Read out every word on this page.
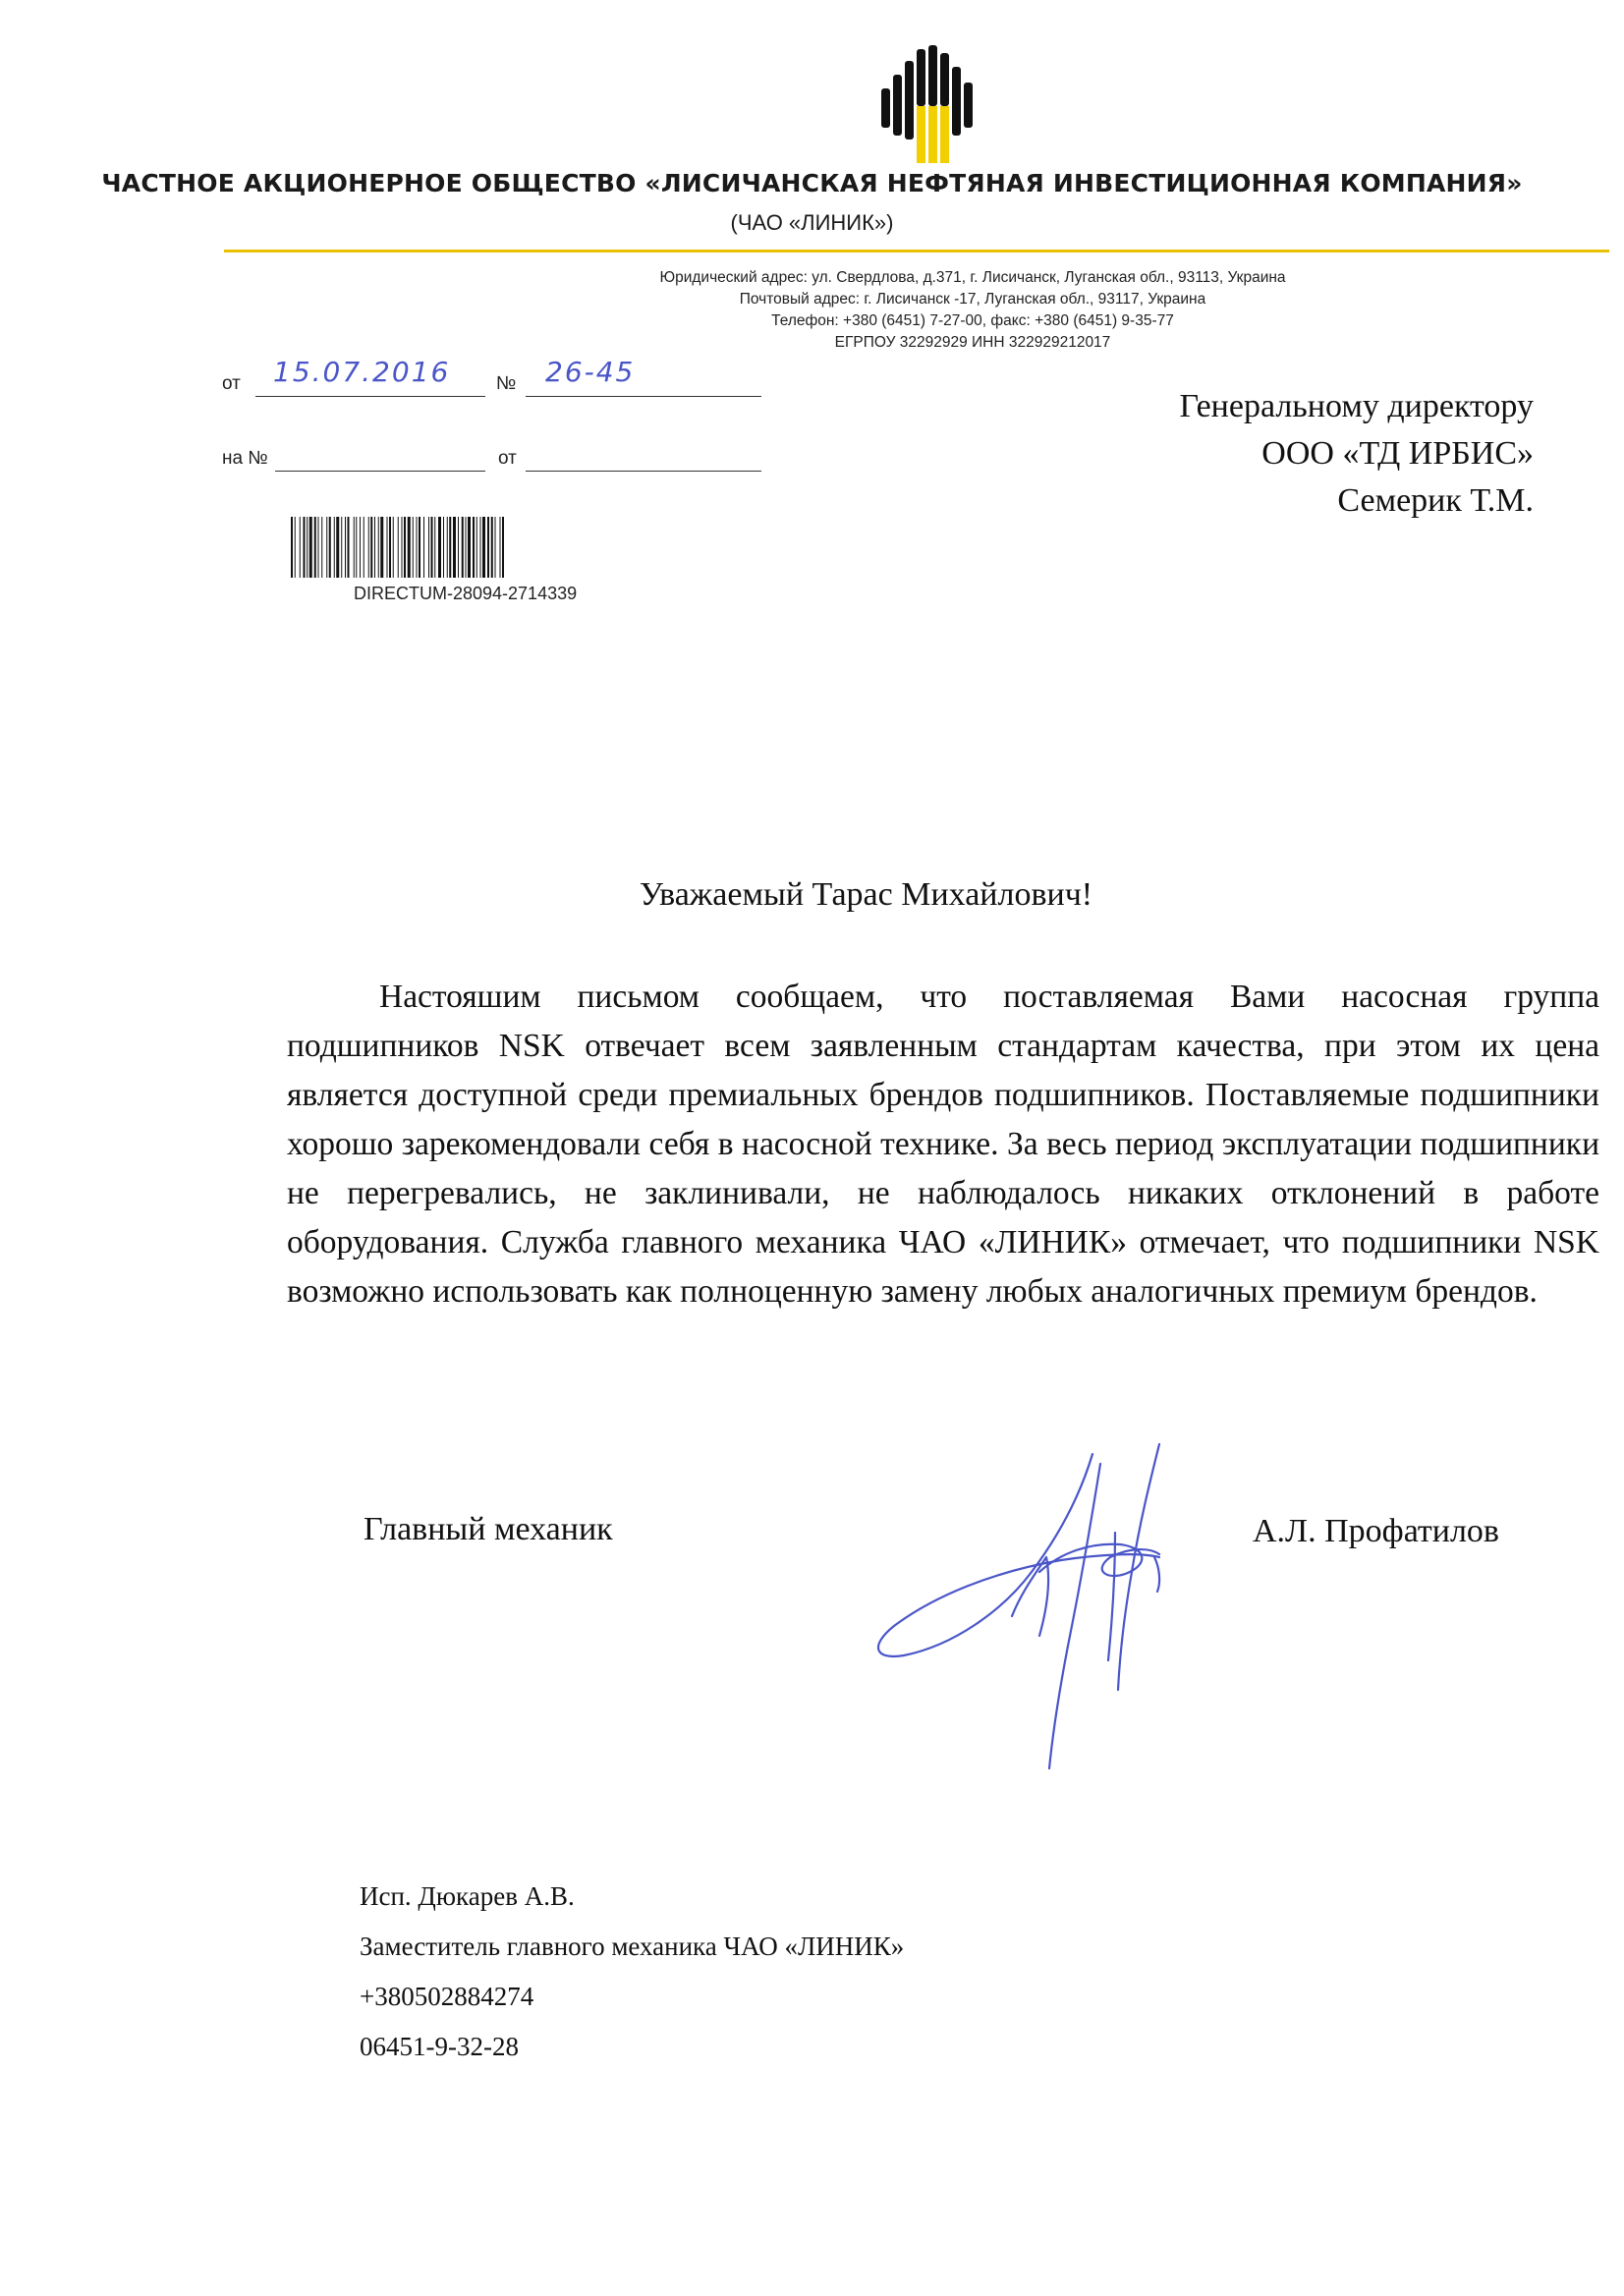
ЧАСТНОЕ АКЦИОНЕРНОЕ ОБЩЕСТВО «ЛИСИЧАНСКАЯ НЕФТЯНАЯ ИНВЕСТИЦИОННАЯ КОМПАНИЯ»
(ЧАО «ЛИНИК»)
Юридический адрес: ул. Свердлова, д.371, г. Лисичанск, Луганская обл., 93113, Украина
Почтовый адрес: г. Лисичанск -17, Луганская обл., 93117, Украина
Телефон: +380 (6451) 7-27-00, факс: +380 (6451) 9-35-77
ЕГРПОУ 32292929 ИНН 322929212017
от 15.07.2016 № 26-45
на №	от
DIRECTUM-28094-2714339
Генеральному директору
ООО «ТД ИРБИС»
Семерик Т.М.
Уважаемый Тарас Михайлович!

Настояшим письмом сообщаем, что поставляемая Вами насосная группа подшипников NSK отвечает всем заявленным стандартам качества, при этом их цена является доступной среди премиальных брендов подшипников. Поставляемые подшипники хорошо зарекомендовали себя в насосной технике. За весь период эксплуатации подшипники не перегревались, не заклинивали, не наблюдалось никаких отклонений в работе оборудования. Служба главного механика ЧАО «ЛИНИК» отмечает, что подшипники NSK возможно использовать как полноценную замену любых аналогичных премиум брендов.

Главный механик	А.Л. Профатилов
Исп. Дюкарев А.В.
Заместитель главного механика ЧАО «ЛИНИК»
+380502884274
06451-9-32-28
